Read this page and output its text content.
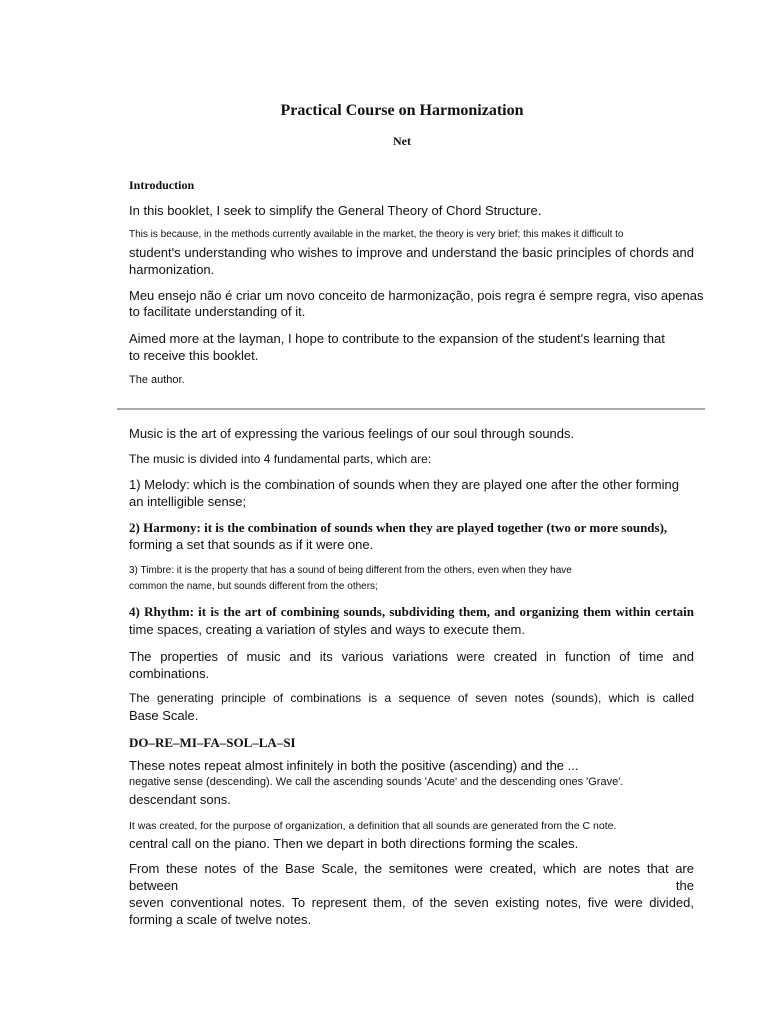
Practical Course on Harmonization
Net
Introduction

In this booklet, I seek to simplify the General Theory of Chord Structure.

This is because, in the methods currently available in the market, the theory is very brief; this makes it difficult to
student's understanding who wishes to improve and understand the basic principles of chords and
harmonization.
Meu ensejo não é criar um novo conceito de harmonização, pois regra é sempre regra, viso apenas
to facilitate understanding of it.
Aimed more at the layman, I hope to contribute to the expansion of the student's learning that
to receive this booklet.
The author.

Music is the art of expressing the various feelings of our soul through sounds.

The music is divided into 4 fundamental parts, which are:

1) Melody: which is the combination of sounds when they are played one after the other forming
an intelligible sense;
2) Harmony: it is the combination of sounds when they are played together (two or more sounds),
forming a set that sounds as if it were one.
3) Timbre: it is the property that has a sound of being different from the others, even when they have
common the name, but sounds different from the others;
4) Rhythm: it is the art of combining sounds, subdividing them, and organizing them within certain
time spaces, creating a variation of styles and ways to execute them.
The properties of music and its various variations were created in function of time and
combinations.
The generating principle of combinations is a sequence of seven notes (sounds), which is called
Base Scale.
DO–RE–MI–FA–SOL–LA–SI
These notes repeat almost infinitely in both the positive (ascending) and the ...
negative sense (descending). We call the ascending sounds 'Acute' and the descending ones 'Grave'.
descendant sons.
It was created, for the purpose of organization, a definition that all sounds are generated from the C note.
central call on the piano. Then we depart in both directions forming the scales.
From these notes of the Base Scale, the semitones were created, which are notes that are between the
seven conventional notes. To represent them, of the seven existing notes, five were divided,
forming a scale of twelve notes.
